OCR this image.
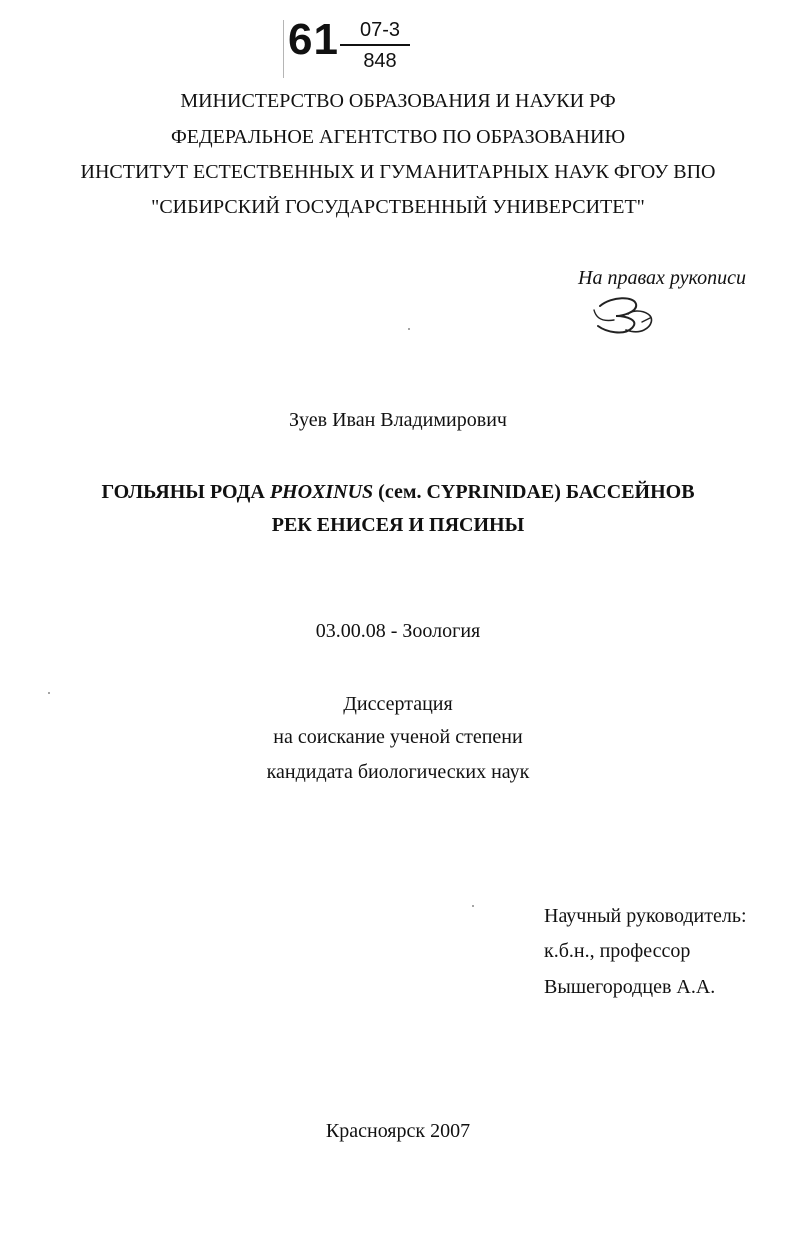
61	07-3
848
МИНИСТЕРСТВО ОБРАЗОВАНИЯ И НАУКИ РФ
ФЕДЕРАЛЬНОЕ АГЕНТСТВО ПО ОБРАЗОВАНИЮ
ИНСТИТУТ ЕСТЕСТВЕННЫХ И ГУМАНИТАРНЫХ НАУК ФГОУ ВПО
"СИБИРСКИЙ ГОСУДАРСТВЕННЫЙ УНИВЕРСИТЕТ"
На правах рукописи
Зуев Иван Владимирович
ГОЛЬЯНЫ РОДА PHOXINUS (сем. CYPRINIDAE) БАССЕЙНОВ
РЕК ЕНИСЕЯ И ПЯСИНЫ
03.00.08 - Зоология
Диссертация
на соискание ученой степени
кандидата биологических наук
Научный руководитель:
к.б.н., профессор
Вышегородцев А.А.
Красноярск 2007
